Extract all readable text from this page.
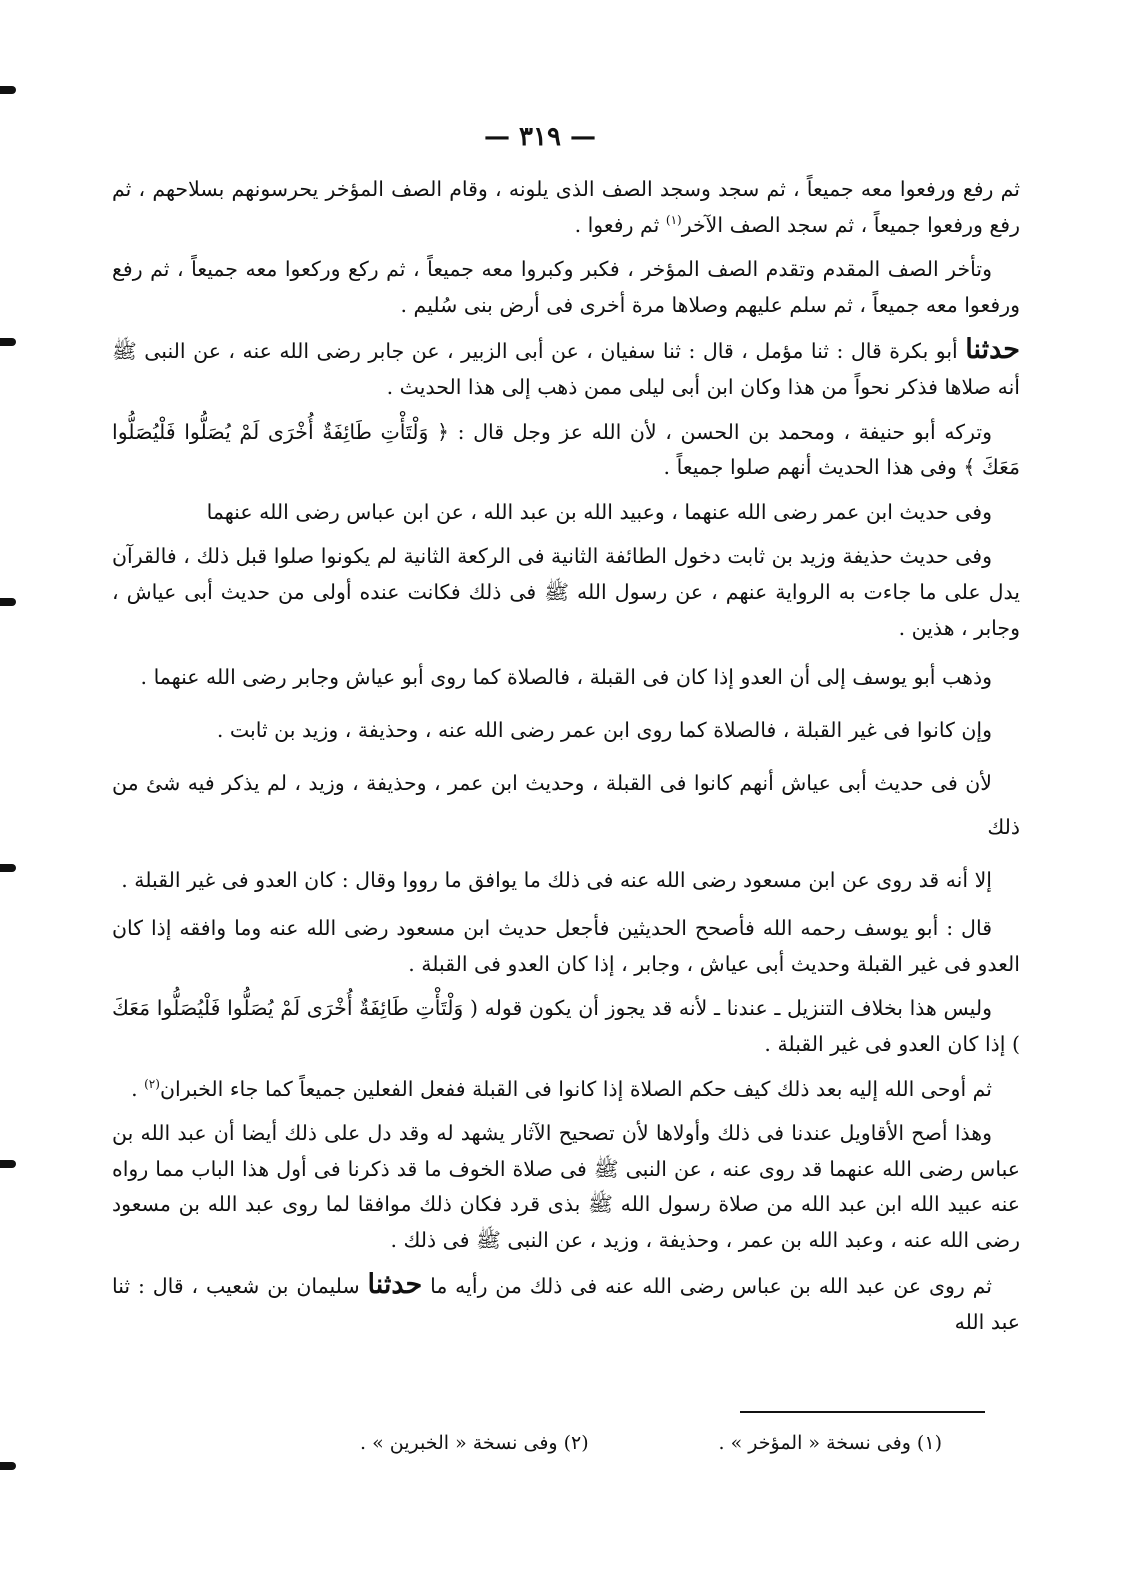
— ٣١٩ —

ثم رفع ورفعوا معه جميعاً ، ثم سجد وسجد الصف الذى يلونه ، وقام الصف المؤخر يحرسونهم بسلاحهم ، ثم رفع ورفعوا جميعاً ، ثم سجد الصف الآخر$^{(١)}$ ثم رفعوا .

وتأخر الصف المقدم وتقدم الصف المؤخر ، فكبر وكبروا معه جميعاً ، ثم ركع وركعوا معه جميعاً ، ثم رفع ورفعوا معه جميعاً ، ثم سلم عليهم وصلاها مرة أخرى فى أرض بنى سُليم .

حدثنا أبو بكرة قال : ثنا مؤمل ، قال : ثنا سفيان ، عن أبى الزبير ، عن جابر رضى الله عنه ، عن النبى ﷺ أنه صلاها فذكر نحواً من هذا وكان ابن أبى ليلى ممن ذهب إلى هذا الحديث .

وتركه أبو حنيفة ، ومحمد بن الحسن ، لأن الله عز وجل قال : ﴿ وَلْتَأْتِ طَائِفَةٌ أُخْرَى لَمْ يُصَلُّوا فَلْيُصَلُّوا مَعَكَ ﴾ وفى هذا الحديث أنهم صلوا جميعاً .

وفى حديث ابن عمر رضى الله عنهما ، وعبيد الله بن عبد الله ، عن ابن عباس رضى الله عنهما

وفى حديث حذيفة وزيد بن ثابت دخول الطائفة الثانية فى الركعة الثانية لم يكونوا صلوا قبل ذلك ، فالقرآن يدل على ما جاءت به الرواية عنهم ، عن رسول الله ﷺ فى ذلك فكانت عنده أولى من حديث أبى عياش ، وجابر ، هذين .

وذهب أبو يوسف إلى أن العدو إذا كان فى القبلة ، فالصلاة كما روى أبو عياش وجابر رضى الله عنهما .

وإن كانوا فى غير القبلة ، فالصلاة كما روى ابن عمر رضى الله عنه ، وحذيفة ، وزيد بن ثابت .

لأن فى حديث أبى عياش أنهم كانوا فى القبلة ، وحديث ابن عمر ، وحذيفة ، وزيد ، لم يذكر فيه شئ من ذلك

إلا أنه قد روى عن ابن مسعود رضى الله عنه فى ذلك ما يوافق ما رووا وقال : كان العدو فى غير القبلة .

قال : أبو يوسف رحمه الله فأصحح الحديثين فأجعل حديث ابن مسعود رضى الله عنه وما وافقه إذا كان العدو فى غير القبلة وحديث أبى عياش ، وجابر ، إذا كان العدو فى القبلة .

وليس هذا بخلاف التنزيل ـ عندنا ـ لأنه قد يجوز أن يكون قوله ( وَلْتَأْتِ طَائِفَةٌ أُخْرَى لَمْ يُصَلُّوا فَلْيُصَلُّوا مَعَكَ ) إذا كان العدو فى غير القبلة .

ثم أوحى الله إليه بعد ذلك كيف حكم الصلاة إذا كانوا فى القبلة ففعل الفعلين جميعاً كما جاء الخبران$^{(٢)}$ .

وهذا أصح الأقاويل عندنا فى ذلك وأولاها لأن تصحيح الآثار يشهد له وقد دل على ذلك أيضا أن عبد الله بن عباس رضى الله عنهما قد روى عنه ، عن النبى ﷺ فى صلاة الخوف ما قد ذكرنا فى أول هذا الباب مما رواه عنه عبيد الله ابن عبد الله من صلاة رسول الله ﷺ بذى قرد فكان ذلك موافقا لما روى عبد الله بن مسعود رضى الله عنه ، وعبد الله بن عمر ، وحذيفة ، وزيد ، عن النبى ﷺ فى ذلك .

ثم روى عن عبد الله بن عباس رضى الله عنه فى ذلك من رأيه ما حدثنا سليمان بن شعيب ، قال : ثنا عبد الله

(١) وفى نسخة « المؤخر » .
(٢) وفى نسخة « الخبرين » .
